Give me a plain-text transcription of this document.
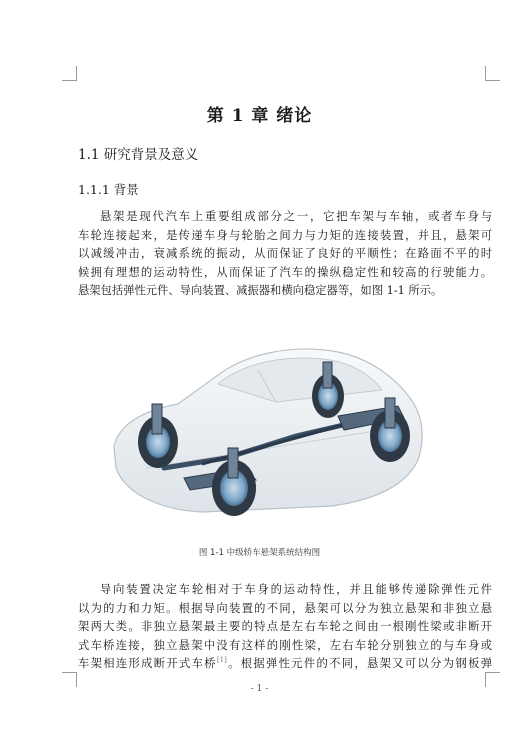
第 1 章 绪论
1.1 研究背景及意义
1.1.1 背景

悬架是现代汽车上重要组成部分之一，它把车架与车轴，或者车身与
车轮连接起来，是传递车身与轮胎之间力与力矩的连接装置，并且，悬架可
以减缓冲击，衰减系统的振动，从而保证了良好的平顺性；在路面不平的时
候拥有理想的运动特性，从而保证了汽车的操纵稳定性和较高的行驶能力。
悬架包括弹性元件、导向装置、减振器和横向稳定器等，如图 1-1 所示。

图 1-1 中级轿车悬架系统结构图

导向装置决定车轮相对于车身的运动特性，并且能够传递除弹性元件
以为的力和力矩。根据导向装置的不同，悬架可以分为独立悬架和非独立悬
架两大类。非独立悬架最主要的特点是左右车轮之间由一根刚性梁或非断开
式车桥连接，独立悬架中没有这样的刚性梁，左右车轮分别独立的与车身或
车架相连形成断开式车桥[1]。根据弹性元件的不同，悬架又可以分为钢板弹

- 1 -
